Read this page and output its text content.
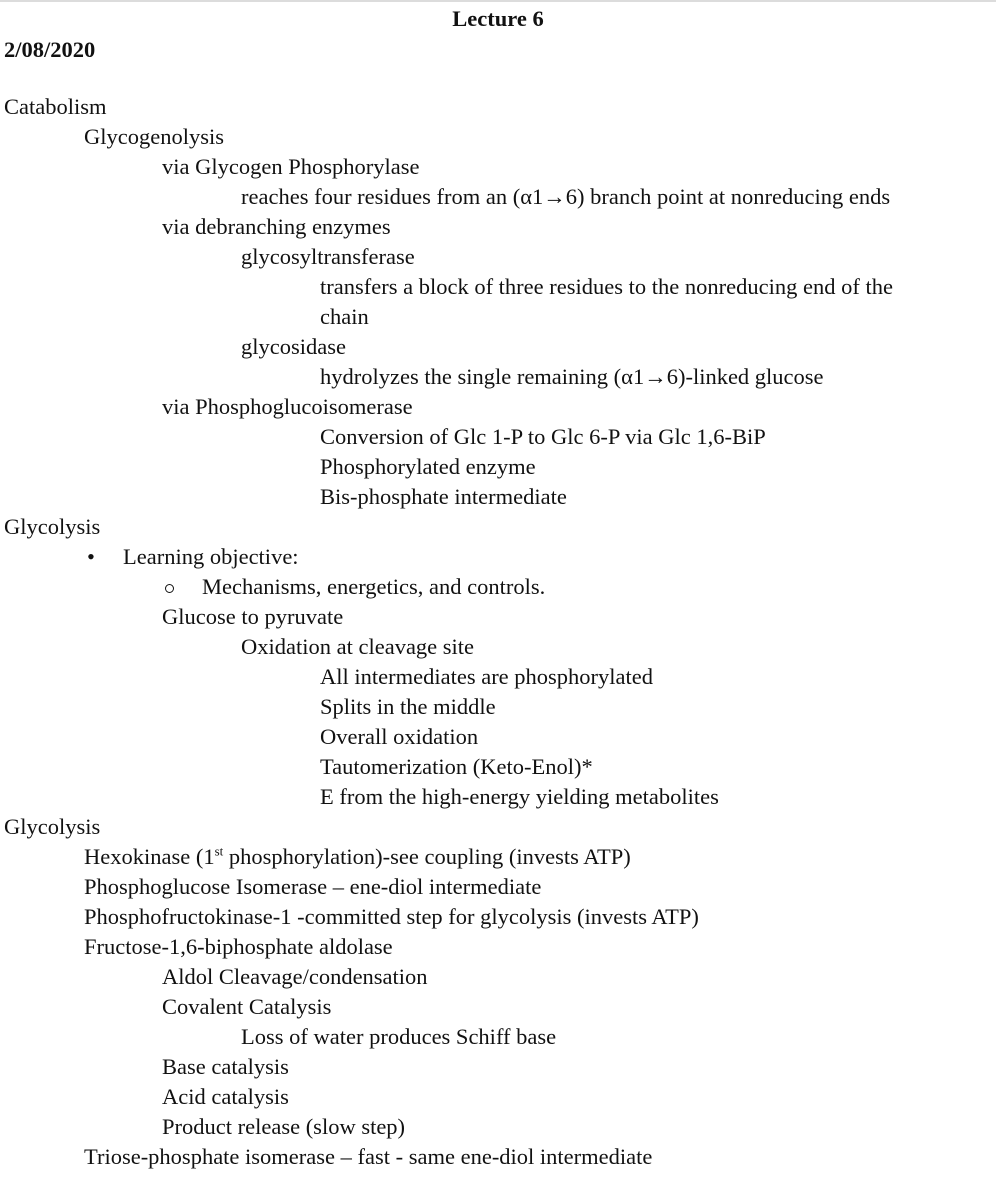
Lecture 6
2/08/2020
Catabolism
Glycogenolysis
via Glycogen Phosphorylase
reaches four residues from an (α1→6) branch point at nonreducing ends
via debranching enzymes
glycosyltransferase
transfers a block of three residues to the nonreducing end of the
chain
glycosidase
hydrolyzes the single remaining (α1→6)-linked glucose
via Phosphoglucoisomerase
Conversion of Glc 1-P to Glc 6-P via Glc 1,6-BiP
Phosphorylated enzyme
Bis-phosphate intermediate
Glycolysis
• Learning objective:
Mechanisms, energetics, and controls.
Glucose to pyruvate
Oxidation at cleavage site
All intermediates are phosphorylated
Splits in the middle
Overall oxidation
Tautomerization (Keto-Enol)*
E from the high-energy yielding metabolites
Glycolysis
Hexokinase (1st phosphorylation)-see coupling (invests ATP)
Phosphoglucose Isomerase – ene-diol intermediate
Phosphofructokinase-1 -committed step for glycolysis (invests ATP)
Fructose-1,6-biphosphate aldolase
Aldol Cleavage/condensation
Covalent Catalysis
Loss of water produces Schiff base
Base catalysis
Acid catalysis
Product release (slow step)
Triose-phosphate isomerase – fast - same ene-diol intermediate
